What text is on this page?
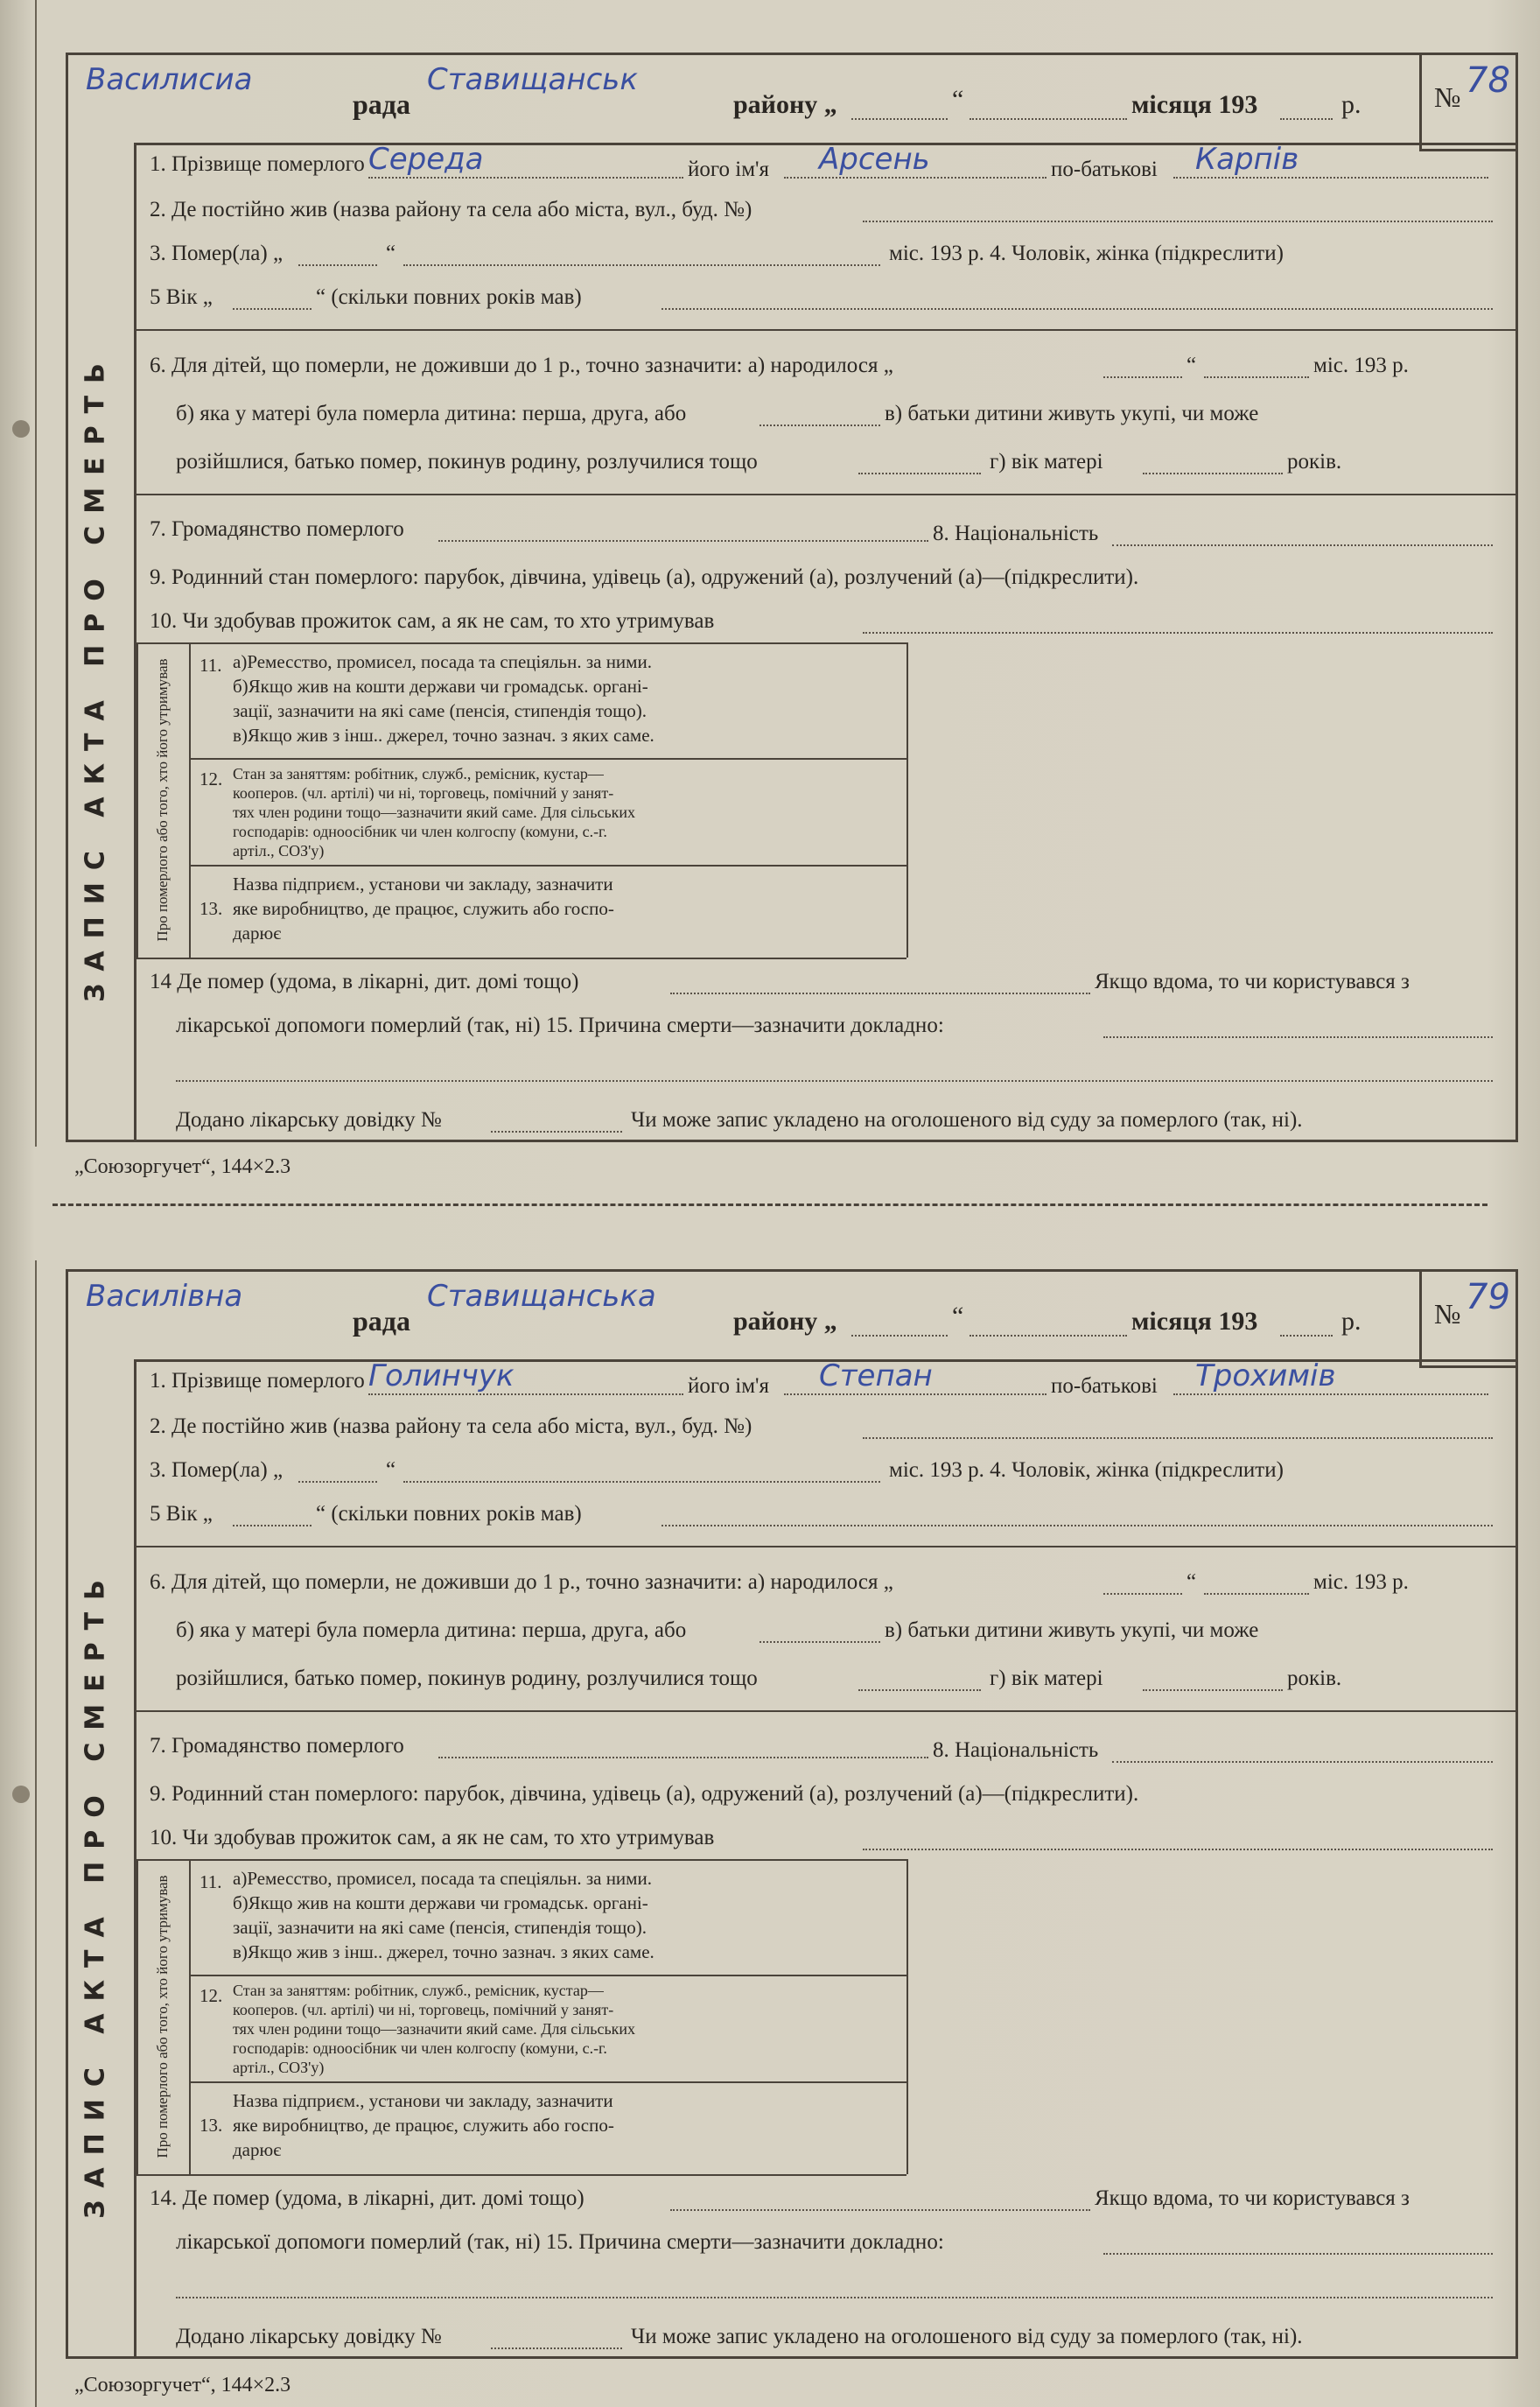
Василисиа
рада
Ставищанськ
району „	“	місяця 193	р.	№ 78
ЗАПИС АКТА ПРО СМЕРТЬ
1. Прізвище померлого Середа	його ім'я Арсень	по-батькові Карпів
2. Де постійно жив (назва району та села або міста, вул., буд. №)
3. Помер(ла) „	“	міс. 193 р. 4. Чоловік, жінка (підкреслити)
5 Вік „	“ (скільки повних років мав)
6. Для дітей, що померли, не доживши до 1 р., точно зазначити: а) народилося „	“	міс. 193 р.
б) яка у матері була померла дитина: перша, друга, або	в) батьки дитини живуть укупі, чи може
розійшлися, батько помер, покинув родину, розлучилися тощо	г) вік матері	років.
7. Громадянство померлого	8. Національність
9. Родинний стан померлого: парубок, дівчина, удівець (а), одружений (а), розлучений (а)—(підкреслити).
10. Чи здобував прожиток сам, а як не сам, то хто утримував
Про померлого або того, хто його утримував 11. а)Ремесство, промисел, посада та спеціяльн. за ними.
б)Якщо жив на кошти держави чи громадськ. органі-
зації, зазначити на які саме (пенсія, стипендія тощо).
в)Якщо жив з інш.. джерел, точно зазнач. з яких саме.
12. Стан за заняттям: робітник, служб., ремісник, кустар—
кооперов. (чл. артілі) чи ні, торговець, помічний у занят-
тях член родини тощо—зазначити який саме. Для сільських
господарів: одноосібник чи член колгоспу (комуни, с.-г.
артіл., СОЗ'у)
13.
Назва підприєм., установи чи закладу, зазначити
яке виробництво, де працює, служить або госпо-
дарює
14 Де помер (удома, в лікарні, дит. домі тощо)	Якщо вдома, то чи користувався з
лікарської допомоги померлий (так, ні) 15. Причина смерти—зазначити докладно:
Додано лікарську довідку №	Чи може запис укладено на оголошеного від суду за померлого (так, ні).
Василівна
рада
Ставищанська
району „	“	місяця 193	р.	№ 79
ЗАПИС АКТА ПРО СМЕРТЬ
1. Прізвище померлого Голинчук	його ім'я Степан	по-батькові Трохимів
2. Де постійно жив (назва району та села або міста, вул., буд. №)
3. Помер(ла) „	“	міс. 193 р. 4. Чоловік, жінка (підкреслити)
5 Вік „	“ (скільки повних років мав)
6. Для дітей, що померли, не доживши до 1 р., точно зазначити: а) народилося „	“	міс. 193 р.
б) яка у матері була померла дитина: перша, друга, або	в) батьки дитини живуть укупі, чи може
розійшлися, батько помер, покинув родину, розлучилися тощо	г) вік матері	років.
7. Громадянство померлого	8. Національність
9. Родинний стан померлого: парубок, дівчина, удівець (а), одружений (а), розлучений (а)—(підкреслити).
10. Чи здобував прожиток сам, а як не сам, то хто утримував
Про померлого або того, хто його утримував 11. а)Ремесство, промисел, посада та спеціяльн. за ними.
б)Якщо жив на кошти держави чи громадськ. органі-
зації, зазначити на які саме (пенсія, стипендія тощо).
в)Якщо жив з інш.. джерел, точно зазнач. з яких саме.
12. Стан за заняттям: робітник, служб., ремісник, кустар—
кооперов. (чл. артілі) чи ні, торговець, помічний у занят-
тях член родини тощо—зазначити який саме. Для сільських
господарів: одноосібник чи член колгоспу (комуни, с.-г.
артіл., СОЗ'у)
13.
Назва підприєм., установи чи закладу, зазначити
яке виробництво, де працює, служить або госпо-
дарює
14. Де помер (удома, в лікарні, дит. домі тощо)	Якщо вдома, то чи користувався з
лікарської допомоги померлий (так, ні) 15. Причина смерти—зазначити докладно:
Додано лікарську довідку №	Чи може запис укладено на оголошеного від суду за померлого (так, ні).
„Союзоргучет“, 144×2.3
„Союзоргучет“, 144×2.3
